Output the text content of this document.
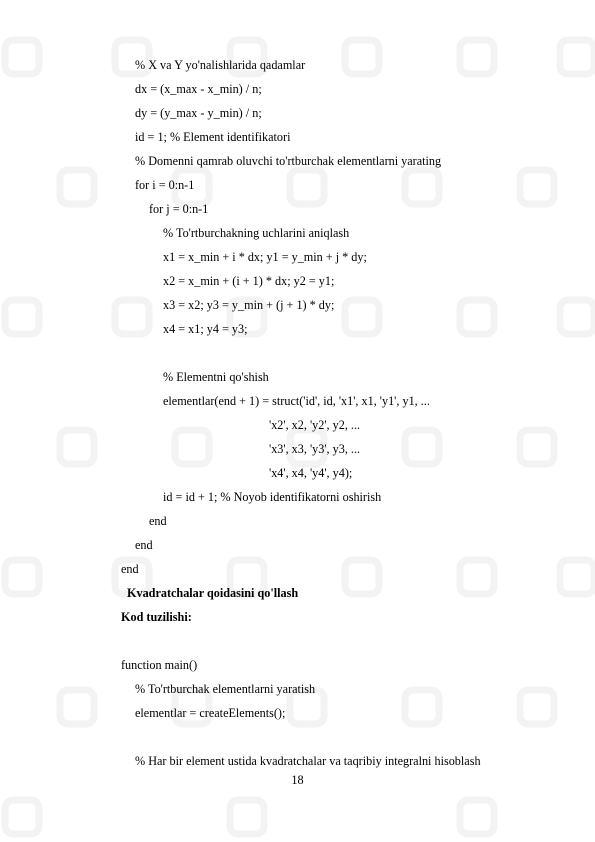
% X va Y yo'nalishlarida qadamlar
dx = (x_max - x_min) / n;
dy = (y_max - y_min) / n;
id = 1; % Element identifikatori
% Domenni qamrab oluvchi to'rtburchak elementlarni yarating
for i = 0:n-1
for j = 0:n-1
% To'rtburchakning uchlarini aniqlash
x1 = x_min + i * dx; y1 = y_min + j * dy;
x2 = x_min + (i + 1) * dx; y2 = y1;
x3 = x2; y3 = y_min + (j + 1) * dy;
x4 = x1; y4 = y3;
% Elementni qo'shish
elementlar(end + 1) = struct('id', id, 'x1', x1, 'y1', y1, ...
'x2', x2, 'y2', y2, ...
'x3', x3, 'y3', y3, ...
'x4', x4, 'y4', y4);
id = id + 1; % Noyob identifikatorni oshirish
end
end
end
Kvadratchalar qoidasini qo'llash
Kod tuzilishi:
function main()
% To'rtburchak elementlarni yaratish
elementlar = createElements();
% Har bir element ustida kvadratchalar va taqribiy integralni hisoblash
18
